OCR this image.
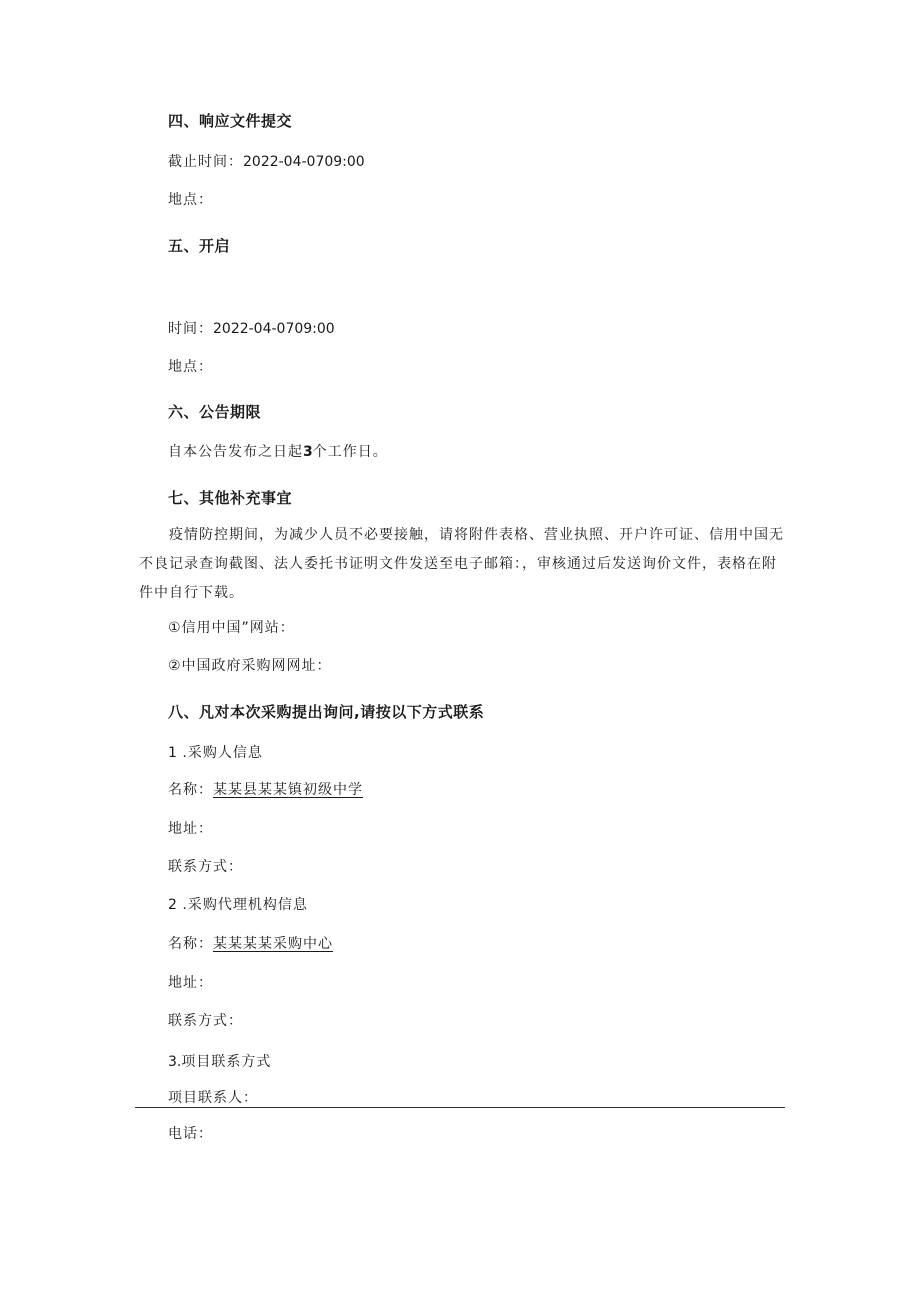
四、响应文件提交
截止时间：2022-04-0709:00
地点：
五、开启
时间：2022-04-0709:00
地点：
六、公告期限
自本公告发布之日起3个工作日。
七、其他补充事宜
疫情防控期间，为减少人员不必要接触，请将附件表格、营业执照、开户许可证、信用中国无不良记录查询截图、法人委托书证明文件发送至电子邮箱：，审核通过后发送询价文件，表格在附件中自行下载。
①信用中国”网站：
②中国政府采购网网址：
八、凡对本次采购提出询问,请按以下方式联系
1 .采购人信息
名称：某某县某某镇初级中学
地址：
联系方式：
2 .采购代理机构信息
名称：某某某某采购中心
地址：
联系方式：
3.项目联系方式
项目联系人：
电话：
